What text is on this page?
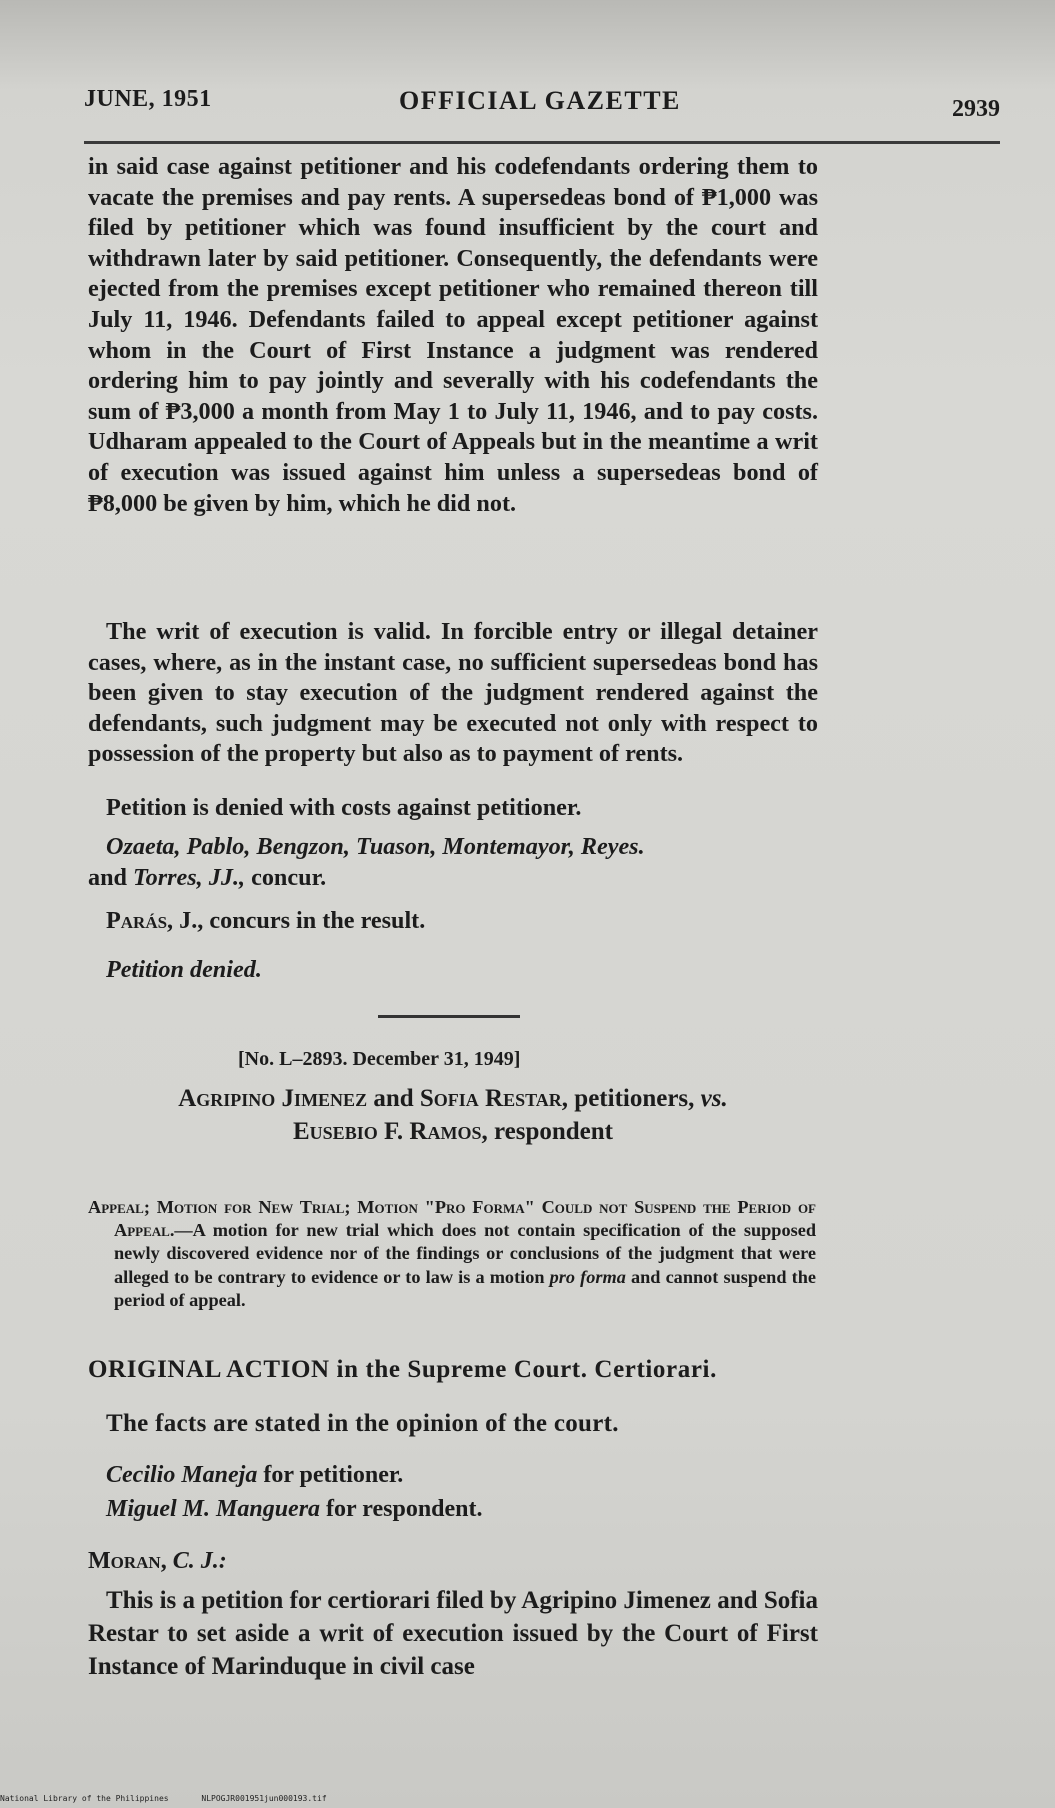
JUNE, 1951	OFFICIAL GAZETTE	2939

in said case against petitioner and his codefendants ordering them to vacate the premises and pay rents. A supersedeas bond of ₱1,000 was filed by petitioner which was found insufficient by the court and withdrawn later by said petitioner. Consequently, the defendants were ejected from the premises except petitioner who remained thereon till July 11, 1946. Defendants failed to appeal except petitioner against whom in the Court of First Instance a judgment was rendered ordering him to pay jointly and severally with his codefendants the sum of ₱3,000 a month from May 1 to July 11, 1946, and to pay costs. Udharam appealed to the Court of Appeals but in the meantime a writ of execution was issued against him unless a supersedeas bond of ₱8,000 be given by him, which he did not.

The writ of execution is valid. In forcible entry or illegal detainer cases, where, as in the instant case, no sufficient supersedeas bond has been given to stay execution of the judgment rendered against the defendants, such judgment may be executed not only with respect to possession of the property but also as to payment of rents.

Petition is denied with costs against petitioner.

Ozaeta, Pablo, Bengzon, Tuason, Montemayor, Reyes.
and Torres, JJ., concur.

Parás, J., concurs in the result.

Petition denied.

[No. L–2893. December 31, 1949]
Agripino Jimenez and Sofia Restar, petitioners, vs.
Eusebio F. Ramos, respondent
Appeal; Motion for New Trial; Motion "Pro Forma" Could not Suspend the Period of Appeal.—A motion for new trial which does not contain specification of the supposed newly discovered evidence nor of the findings or conclusions of the judgment that were alleged to be contrary to evidence or to law is a motion pro forma and cannot suspend the period of appeal.
ORIGINAL ACTION in the Supreme Court. Certiorari.
The facts are stated in the opinion of the court.
Cecilio Maneja for petitioner.
Miguel M. Manguera for respondent.
Moran, C. J.:

This is a petition for certiorari filed by Agripino Jimenez and Sofia Restar to set aside a writ of execution issued by the Court of First Instance of Marinduque in civil case

National Library of the Philippines	NLPOGJR001951jun000193.tif
